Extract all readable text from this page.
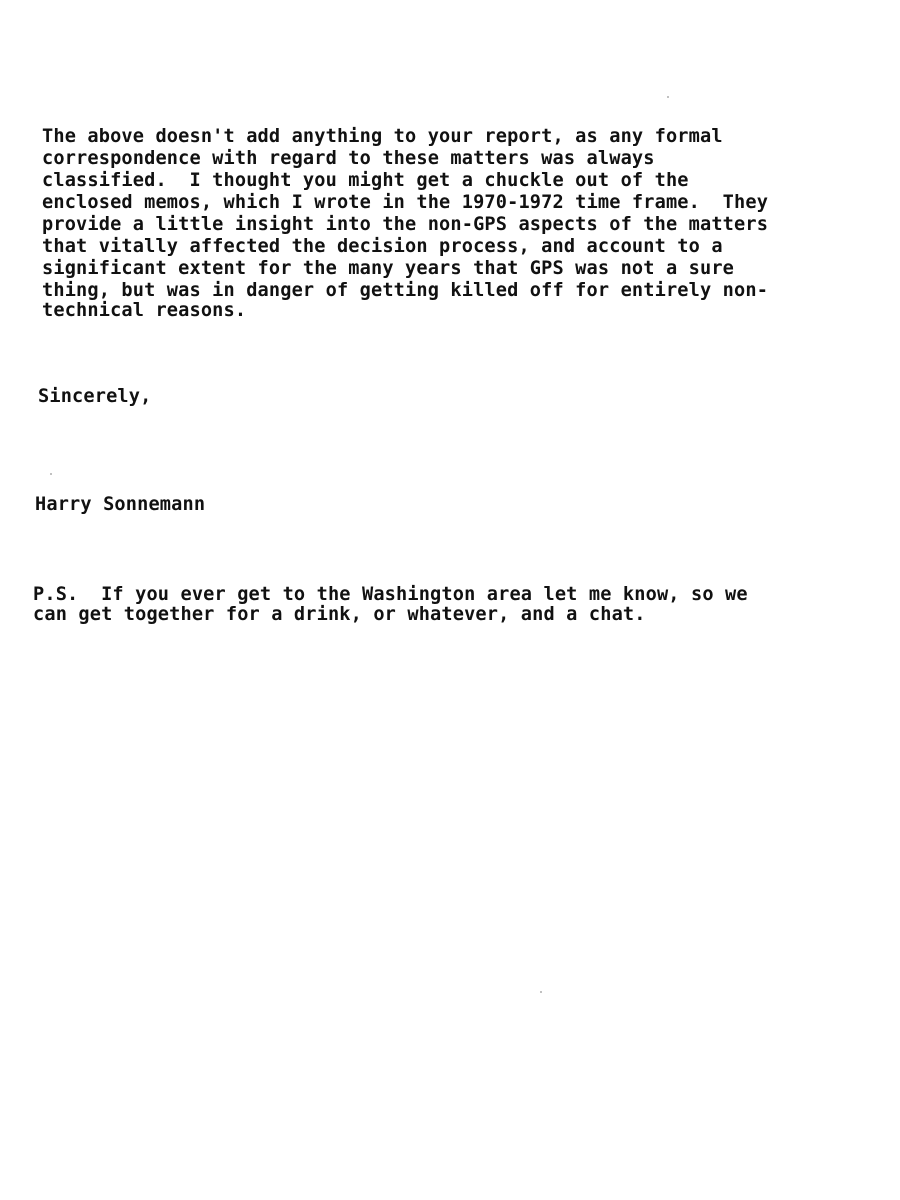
The above doesn't add anything to your report, as any formal
correspondence with regard to these matters was always
classified.  I thought you might get a chuckle out of the
enclosed memos, which I wrote in the 1970-1972 time frame.  They
provide a little insight into the non-GPS aspects of the matters
that vitally affected the decision process, and account to a
significant extent for the many years that GPS was not a sure
thing, but was in danger of getting killed off for entirely non-
technical reasons.
Sincerely,
Harry Sonnemann
P.S.  If you ever get to the Washington area let me know, so we
can get together for a drink, or whatever, and a chat.
